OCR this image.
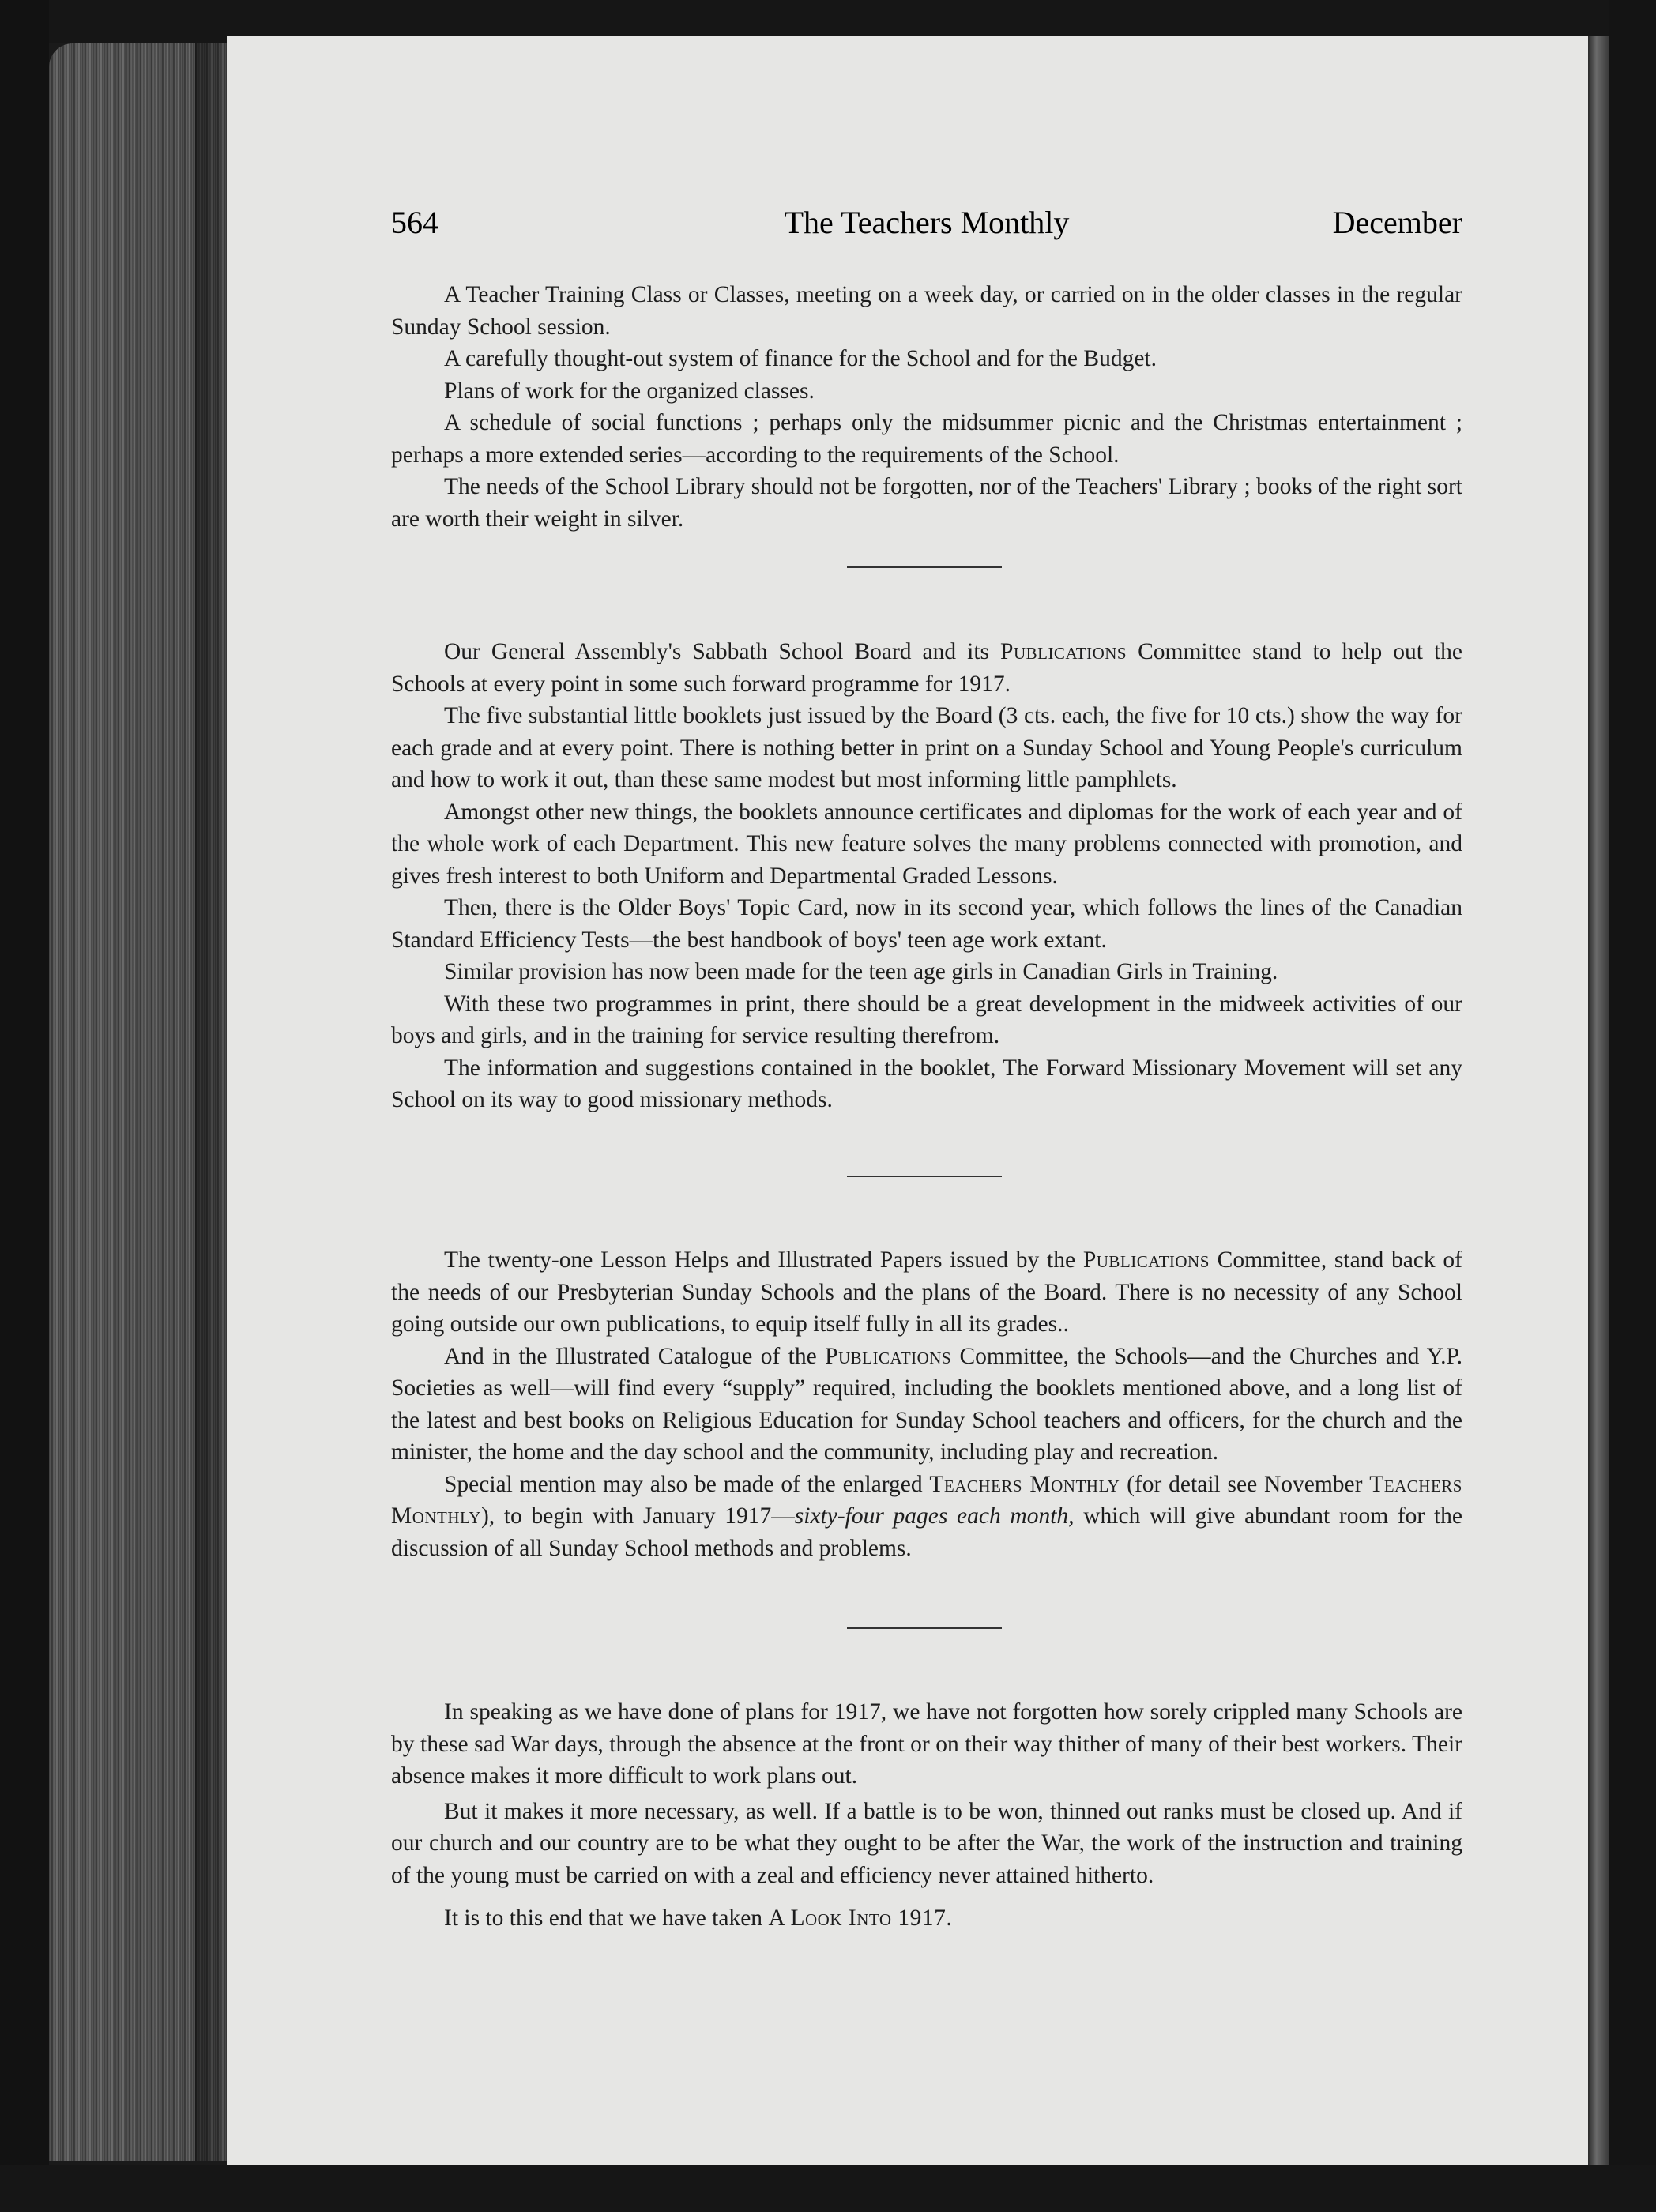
564	The Teachers Monthly	December

A Teacher Training Class or Classes, meeting on a week day, or carried on in the older classes in the regular Sunday School session.

A carefully thought-out system of finance for the School and for the Budget.

Plans of work for the organized classes.

A schedule of social functions ; perhaps only the midsummer picnic and the Christmas entertainment ; perhaps a more extended series—according to the requirements of the School.

The needs of the School Library should not be forgotten, nor of the Teachers' Library ; books of the right sort are worth their weight in silver.

Our General Assembly's Sabbath School Board and its Publications Committee stand to help out the Schools at every point in some such forward programme for 1917.

The five substantial little booklets just issued by the Board (3 cts. each, the five for 10 cts.) show the way for each grade and at every point. There is nothing better in print on a Sunday School and Young People's curriculum and how to work it out, than these same modest but most informing little pamphlets.

Amongst other new things, the booklets announce certificates and diplomas for the work of each year and of the whole work of each Department. This new feature solves the many problems connected with promotion, and gives fresh interest to both Uniform and Departmental Graded Lessons.

Then, there is the Older Boys' Topic Card, now in its second year, which follows the lines of the Canadian Standard Efficiency Tests—the best handbook of boys' teen age work extant.

Similar provision has now been made for the teen age girls in Canadian Girls in Training.

With these two programmes in print, there should be a great development in the midweek activities of our boys and girls, and in the training for service resulting therefrom.

The information and suggestions contained in the booklet, The Forward Missionary Movement will set any School on its way to good missionary methods.

The twenty-one Lesson Helps and Illustrated Papers issued by the Publications Committee, stand back of the needs of our Presbyterian Sunday Schools and the plans of the Board. There is no necessity of any School going outside our own publications, to equip itself fully in all its grades..

And in the Illustrated Catalogue of the Publications Committee, the Schools—and the Churches and Y.P. Societies as well—will find every “supply” required, including the booklets mentioned above, and a long list of the latest and best books on Religious Education for Sunday School teachers and officers, for the church and the minister, the home and the day school and the community, including play and recreation.

Special mention may also be made of the enlarged Teachers Monthly (for detail see November Teachers Monthly), to begin with January 1917—sixty-four pages each month, which will give abundant room for the discussion of all Sunday School methods and problems.

In speaking as we have done of plans for 1917, we have not forgotten how sorely crippled many Schools are by these sad War days, through the absence at the front or on their way thither of many of their best workers. Their absence makes it more difficult to work plans out.

But it makes it more necessary, as well. If a battle is to be won, thinned out ranks must be closed up. And if our church and our country are to be what they ought to be after the War, the work of the instruction and training of the young must be carried on with a zeal and efficiency never attained hitherto.

It is to this end that we have taken A Look Into 1917.
